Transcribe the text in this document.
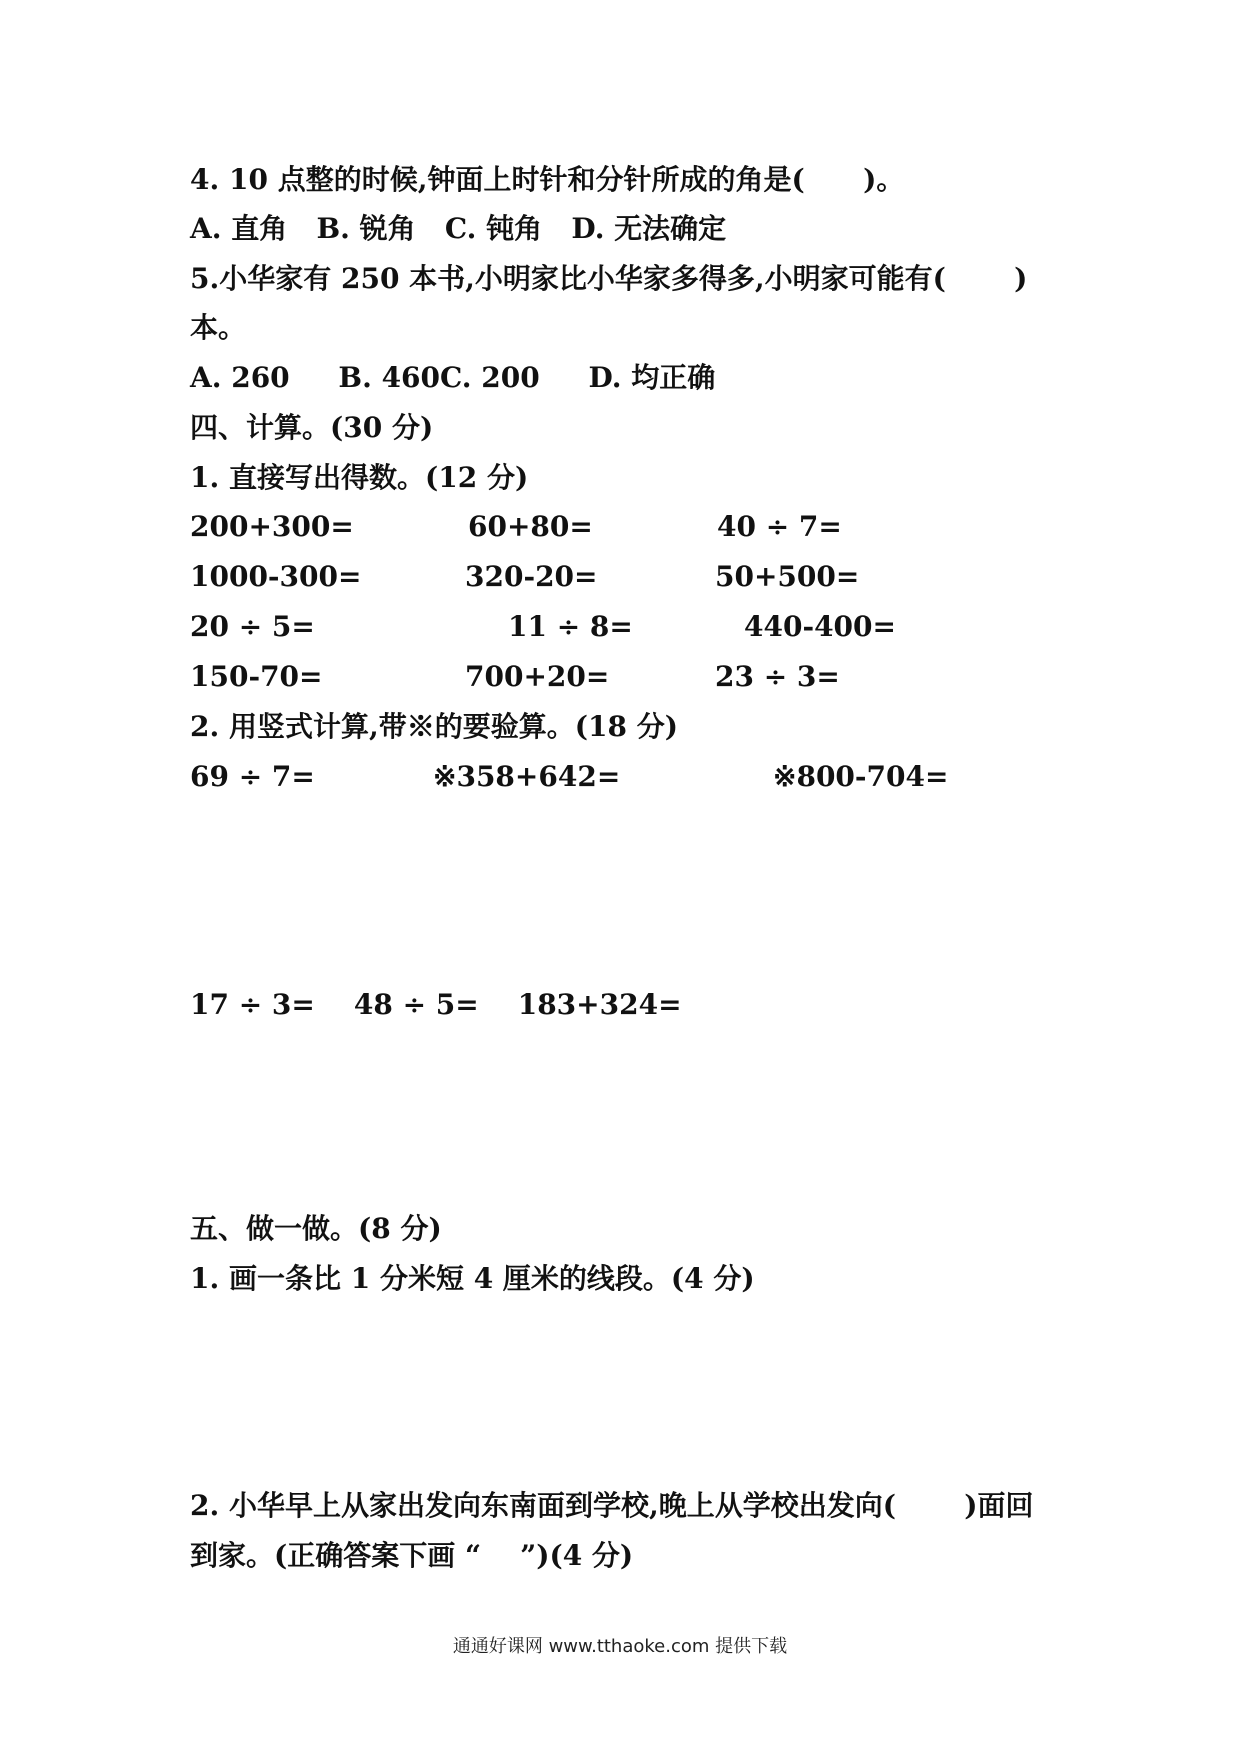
4. 10 点整的时候,钟面上时针和分针所成的角是(      )。
A. 直角   B. 锐角   C. 钝角   D. 无法确定
5.小华家有 250 本书,小明家比小华家多得多,小明家可能有(       )
本。
A. 260     B. 460C. 200     D. 均正确
四、计算。(30 分)
1. 直接写出得数。(12 分)
200+300=	60+80=	40 ÷ 7=
1000-300=	320-20=	50+500=
20 ÷ 5=	11 ÷ 8=	440-400=
150-70=	700+20=	23 ÷ 3=
2. 用竖式计算,带※的要验算。(18 分)
69 ÷ 7=	※358+642=	※800-704=
17 ÷ 3=    48 ÷ 5=    183+324=
五、做一做。(8 分)
1. 画一条比 1 分米短 4 厘米的线段。(4 分)
2. 小华早上从家出发向东南面到学校,晚上从学校出发向(       )面回
到家。(正确答案下画 “    ”)(4 分)
通通好课网 www.tthaoke.com 提供下载
